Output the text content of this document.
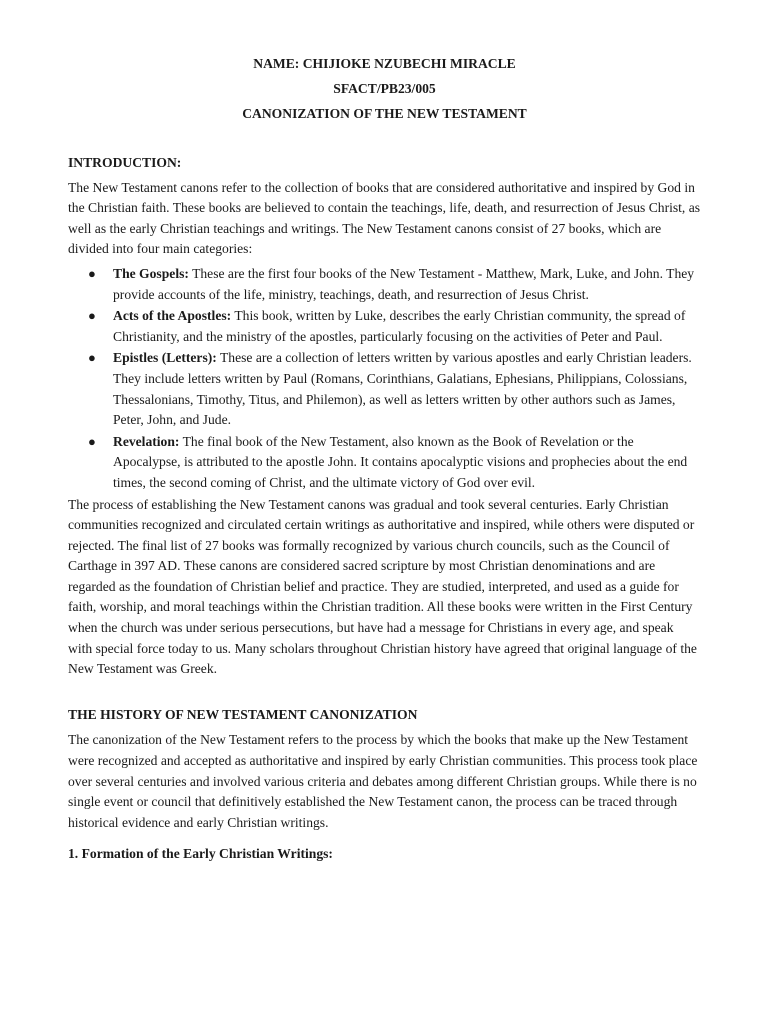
NAME: CHIJIOKE NZUBECHI MIRACLE

SFACT/PB23/005

CANONIZATION OF THE NEW TESTAMENT

INTRODUCTION:

The New Testament canons refer to the collection of books that are considered authoritative and inspired by God in the Christian faith. These books are believed to contain the teachings, life, death, and resurrection of Jesus Christ, as well as the early Christian teachings and writings. The New Testament canons consist of 27 books, which are divided into four main categories:

● The Gospels: These are the first four books of the New Testament - Matthew, Mark, Luke, and John. They provide accounts of the life, ministry, teachings, death, and resurrection of Jesus Christ.
● Acts of the Apostles: This book, written by Luke, describes the early Christian community, the spread of Christianity, and the ministry of the apostles, particularly focusing on the activities of Peter and Paul.
● Epistles (Letters): These are a collection of letters written by various apostles and early Christian leaders. They include letters written by Paul (Romans, Corinthians, Galatians, Ephesians, Philippians, Colossians, Thessalonians, Timothy, Titus, and Philemon), as well as letters written by other authors such as James, Peter, John, and Jude.
● Revelation: The final book of the New Testament, also known as the Book of Revelation or the Apocalypse, is attributed to the apostle John. It contains apocalyptic visions and prophecies about the end times, the second coming of Christ, and the ultimate victory of God over evil.

The process of establishing the New Testament canons was gradual and took several centuries. Early Christian communities recognized and circulated certain writings as authoritative and inspired, while others were disputed or rejected. The final list of 27 books was formally recognized by various church councils, such as the Council of Carthage in 397 AD. These canons are considered sacred scripture by most Christian denominations and are regarded as the foundation of Christian belief and practice. They are studied, interpreted, and used as a guide for faith, worship, and moral teachings within the Christian tradition. All these books were written in the First Century when the church was under serious persecutions, but have had a message for Christians in every age, and speak with special force today to us. Many scholars throughout Christian history have agreed that original language of the New Testament was Greek.

THE HISTORY OF NEW TESTAMENT CANONIZATION

The canonization of the New Testament refers to the process by which the books that make up the New Testament were recognized and accepted as authoritative and inspired by early Christian communities. This process took place over several centuries and involved various criteria and debates among different Christian groups. While there is no single event or council that definitively established the New Testament canon, the process can be traced through historical evidence and early Christian writings.

1. Formation of the Early Christian Writings:
